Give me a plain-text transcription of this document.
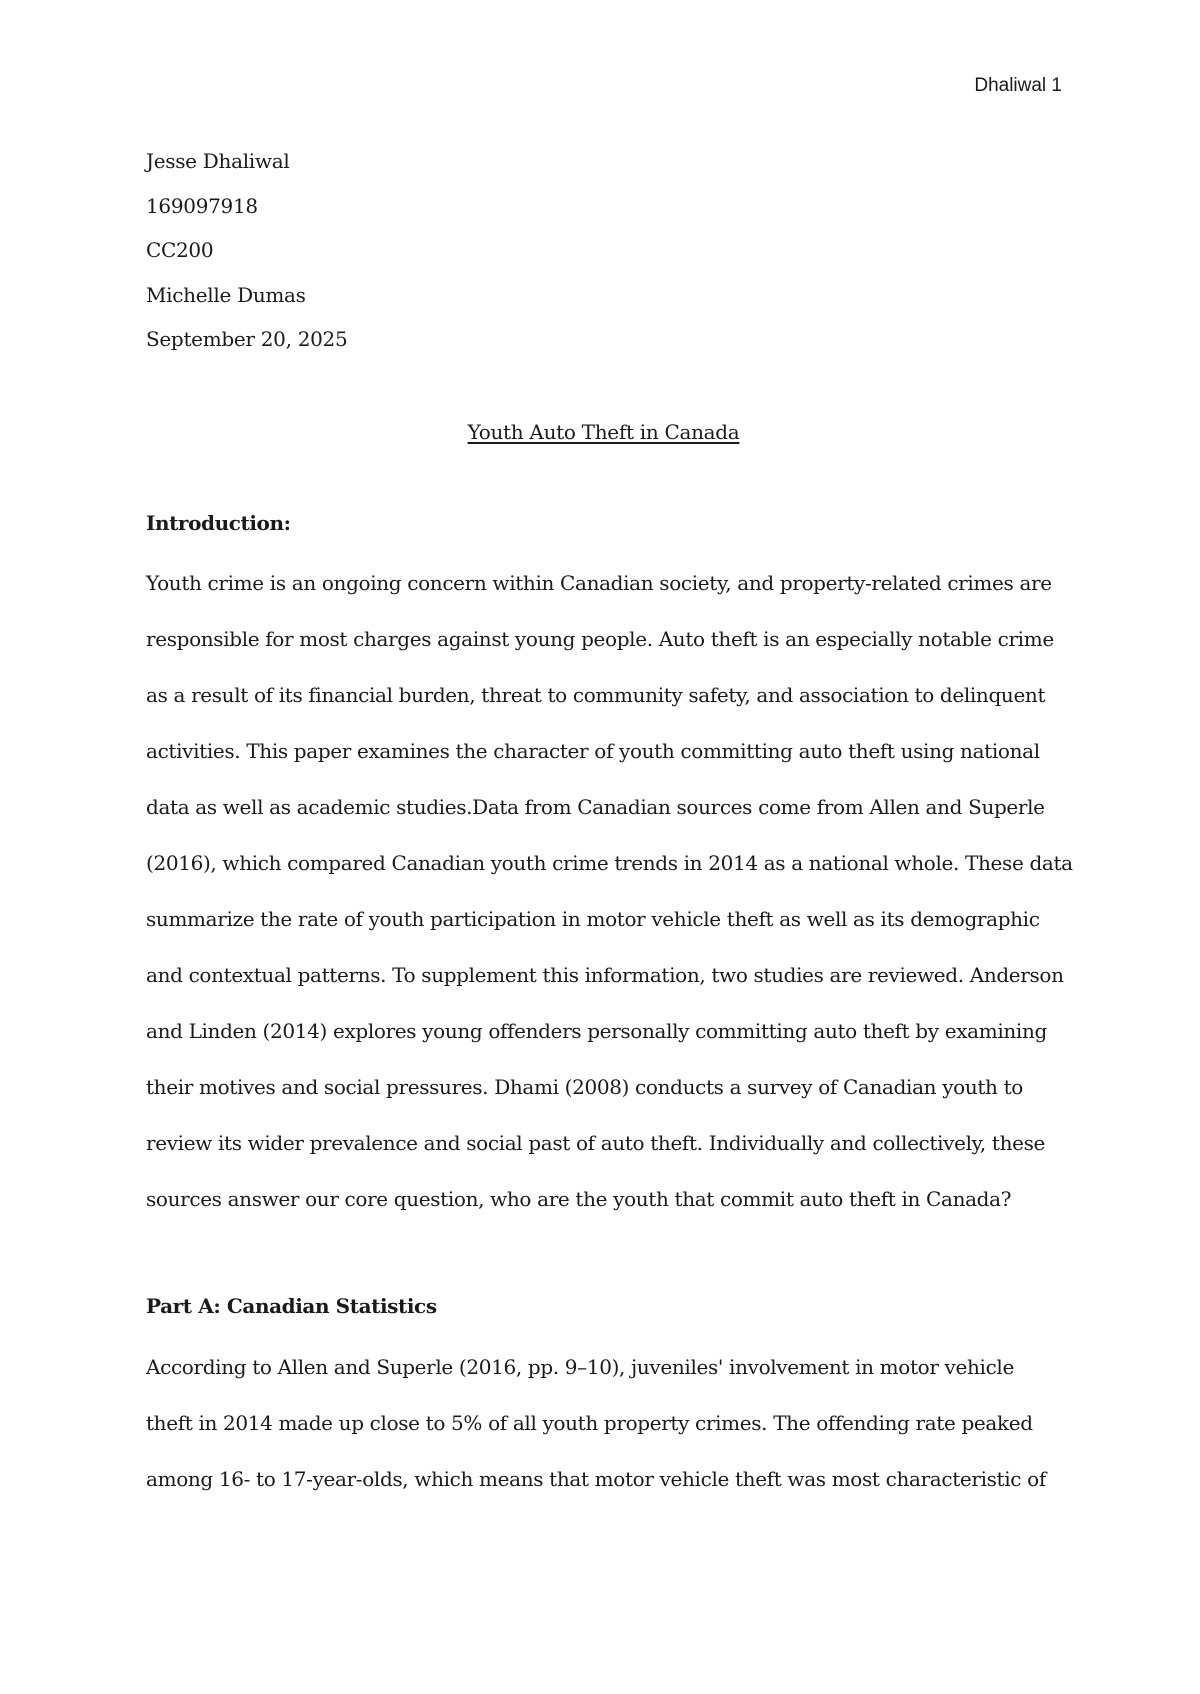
Dhaliwal 1
Jesse Dhaliwal
169097918
CC200
Michelle Dumas
September 20, 2025
Youth Auto Theft in Canada
Introduction:
Youth crime is an ongoing concern within Canadian society, and property-related crimes are
responsible for most charges against young people. Auto theft is an especially notable crime
as a result of its financial burden, threat to community safety, and association to delinquent
activities. This paper examines the character of youth committing auto theft using national
data as well as academic studies.Data from Canadian sources come from Allen and Superle
(2016), which compared Canadian youth crime trends in 2014 as a national whole. These data
summarize the rate of youth participation in motor vehicle theft as well as its demographic
and contextual patterns. To supplement this information, two studies are reviewed. Anderson
and Linden (2014) explores young offenders personally committing auto theft by examining
their motives and social pressures. Dhami (2008) conducts a survey of Canadian youth to
review its wider prevalence and social past of auto theft. Individually and collectively, these
sources answer our core question, who are the youth that commit auto theft in Canada?
Part A: Canadian Statistics
According to Allen and Superle (2016, pp. 9–10), juveniles' involvement in motor vehicle
theft in 2014 made up close to 5% of all youth property crimes. The offending rate peaked
among 16- to 17-year-olds, which means that motor vehicle theft was most characteristic of
